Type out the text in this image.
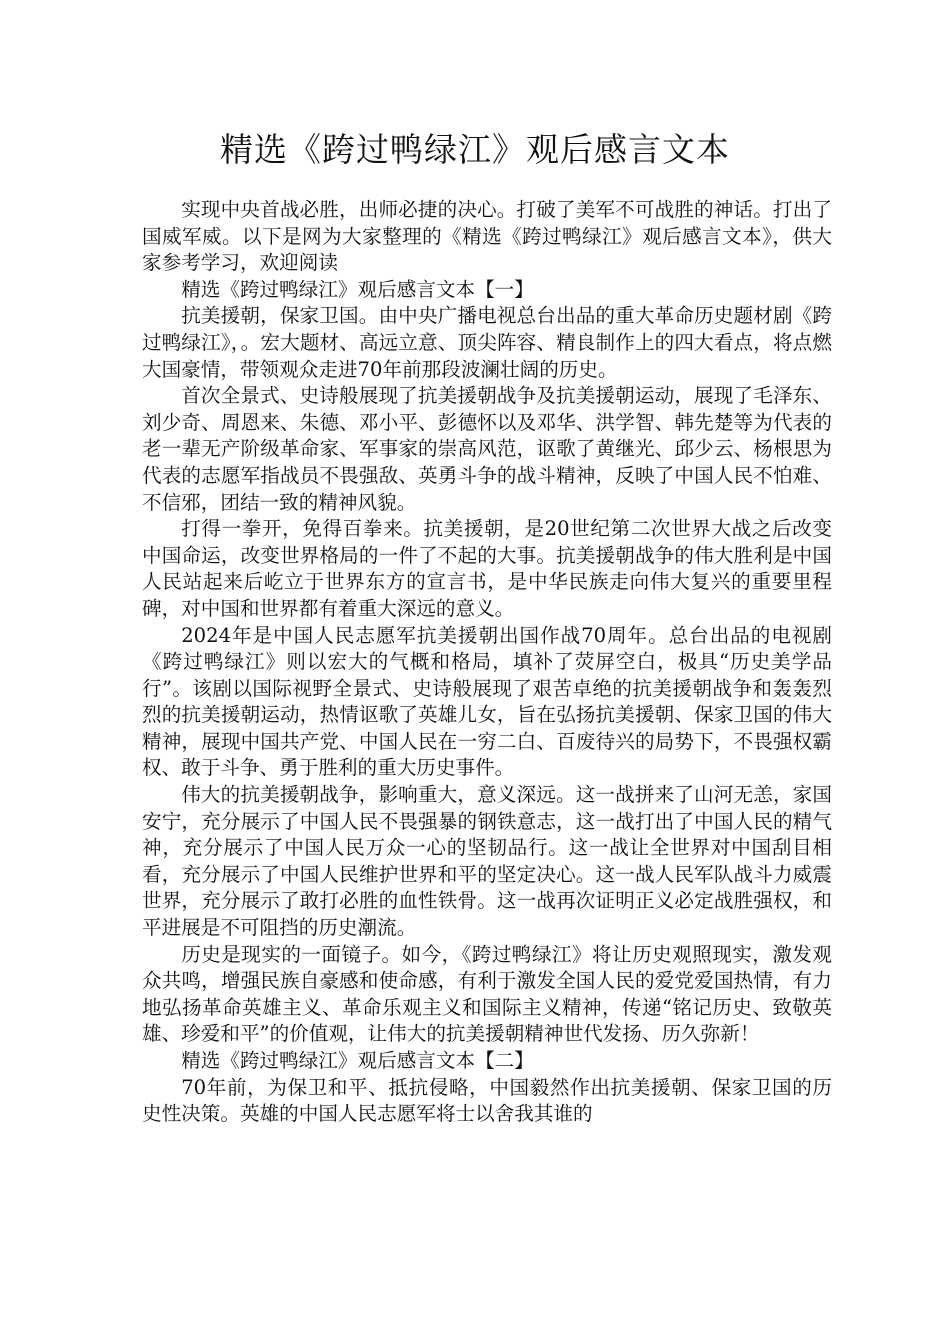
精选《跨过鸭绿江》观后感言文本

实现中央首战必胜，出师必捷的决心。打破了美军不可战胜的神话。打出了国威军威。以下是网为大家整理的《精选《跨过鸭绿江》观后感言文本》，供大家参考学习，欢迎阅读

精选《跨过鸭绿江》观后感言文本【一】

抗美援朝，保家卫国。由中央广播电视总台出品的重大革命历史题材剧《跨过鸭绿江》，。宏大题材、高远立意、顶尖阵容、精良制作上的四大看点，将点燃大国豪情，带领观众走进70年前那段波澜壮阔的历史。

首次全景式、史诗般展现了抗美援朝战争及抗美援朝运动，展现了毛泽东、刘少奇、周恩来、朱德、邓小平、彭德怀以及邓华、洪学智、韩先楚等为代表的老一辈无产阶级革命家、军事家的崇高风范，讴歌了黄继光、邱少云、杨根思为代表的志愿军指战员不畏强敌、英勇斗争的战斗精神，反映了中国人民不怕难、不信邪，团结一致的精神风貌。

打得一拳开，免得百拳来。抗美援朝，是20世纪第二次世界大战之后改变中国命运，改变世界格局的一件了不起的大事。抗美援朝战争的伟大胜利是中国人民站起来后屹立于世界东方的宣言书，是中华民族走向伟大复兴的重要里程碑，对中国和世界都有着重大深远的意义。

2024年是中国人民志愿军抗美援朝出国作战70周年。总台出品的电视剧《跨过鸭绿江》则以宏大的气概和格局，填补了荧屏空白，极具“历史美学品行”。该剧以国际视野全景式、史诗般展现了艰苦卓绝的抗美援朝战争和轰轰烈烈的抗美援朝运动，热情讴歌了英雄儿女，旨在弘扬抗美援朝、保家卫国的伟大精神，展现中国共产党、中国人民在一穷二白、百废待兴的局势下，不畏强权霸权、敢于斗争、勇于胜利的重大历史事件。

伟大的抗美援朝战争，影响重大，意义深远。这一战拼来了山河无恙，家国安宁，充分展示了中国人民不畏强暴的钢铁意志，这一战打出了中国人民的精气神，充分展示了中国人民万众一心的坚韧品行。这一战让全世界对中国刮目相看，充分展示了中国人民维护世界和平的坚定决心。这一战人民军队战斗力威震世界，充分展示了敢打必胜的血性铁骨。这一战再次证明正义必定战胜强权，和平进展是不可阻挡的历史潮流。

历史是现实的一面镜子。如今，《跨过鸭绿江》将让历史观照现实，激发观众共鸣，增强民族自豪感和使命感，有利于激发全国人民的爱党爱国热情，有力地弘扬革命英雄主义、革命乐观主义和国际主义精神，传递“铭记历史、致敬英雄、珍爱和平”的价值观，让伟大的抗美援朝精神世代发扬、历久弥新！

精选《跨过鸭绿江》观后感言文本【二】

70年前，为保卫和平、抵抗侵略，中国毅然作出抗美援朝、保家卫国的历史性决策。英雄的中国人民志愿军将士以舍我其谁的
